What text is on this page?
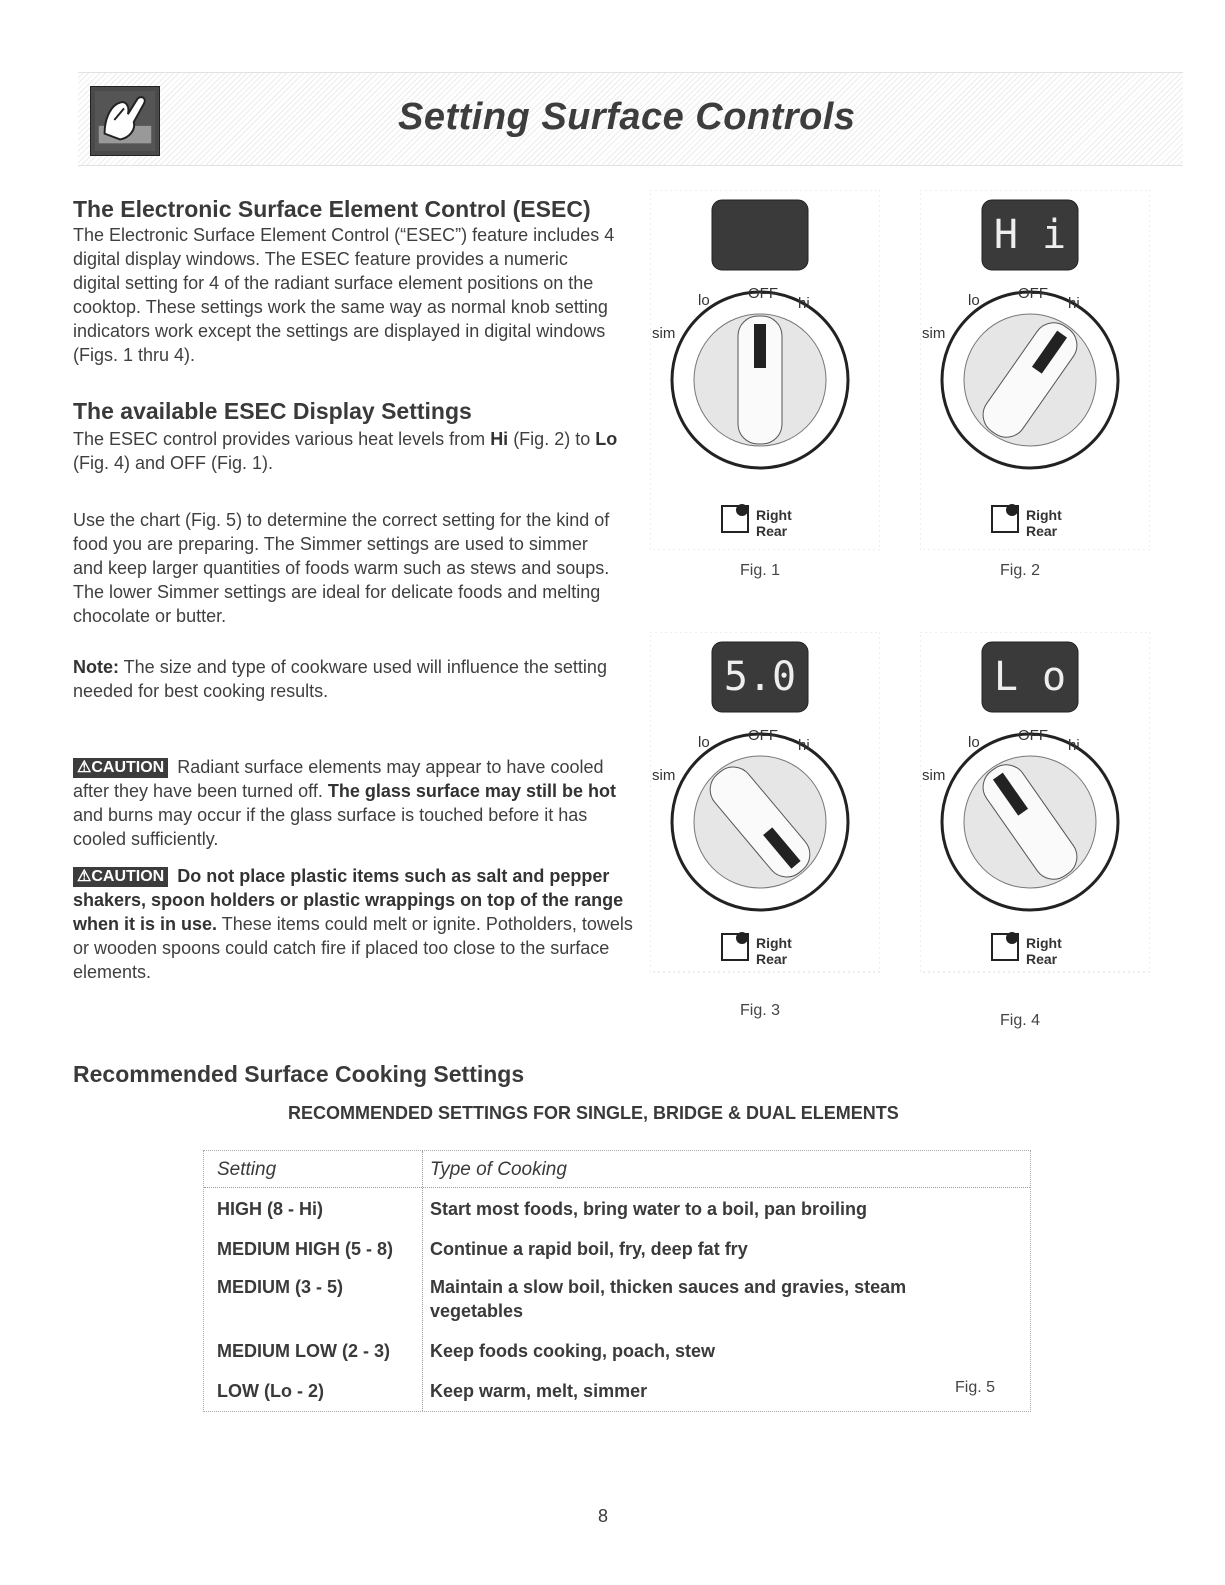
Setting Surface Controls
The Electronic Surface Element Control (ESEC)

The Electronic Surface Element Control (“ESEC”) feature includes 4 digital display windows. The ESEC feature provides a numeric digital setting for 4 of the radiant surface element positions on the cooktop. These settings work the same way as normal knob setting indicators work except the settings are displayed in digital windows (Figs. 1 thru 4).

The available ESEC Display Settings

The ESEC control provides various heat levels from Hi (Fig. 2) to Lo (Fig. 4) and OFF (Fig. 1).

Use the chart (Fig. 5) to determine the correct setting for the kind of food you are preparing. The Simmer settings are used to simmer and keep larger quantities of foods warm such as stews and soups. The lower Simmer settings are ideal for delicate foods and melting chocolate or butter.

Note: The size and type of cookware used will influence the setting needed for best cooking results.

⚠CAUTION Radiant surface elements may appear to have cooled after they have been turned off. The glass surface may still be hot and burns may occur if the glass surface is touched before it has cooled sufficiently.

⚠CAUTION Do not place plastic items such as salt and pepper shakers, spoon holders or plastic wrappings on top of the range when it is in use. These items could melt or ignite. Potholders, towels or wooden spoons could catch fire if placed too close to the surface elements.

lo	OFF
hi
sim
Right
Rear

Fig. 1

H i
lo	OFF
hi
sim
Right
Rear

Fig. 2

5.0
lo	OFF
hi
sim
Right
Rear

Fig. 3

L o
lo	OFF
hi
sim
Right
Rear

Fig. 4

Recommended Surface Cooking Settings

RECOMMENDED SETTINGS FOR SINGLE, BRIDGE & DUAL ELEMENTS

Setting	Type of Cooking
HIGH (8 - Hi)	Start most foods, bring water to a boil, pan broiling
MEDIUM HIGH (5 - 8)	Continue a rapid boil, fry, deep fat fry
MEDIUM (3 - 5)	Maintain a slow boil, thicken sauces and gravies, steam vegetables
MEDIUM LOW (2 - 3)	Keep foods cooking, poach, stew
LOW (Lo - 2)	Keep warm, melt, simmer	Fig. 5

8
